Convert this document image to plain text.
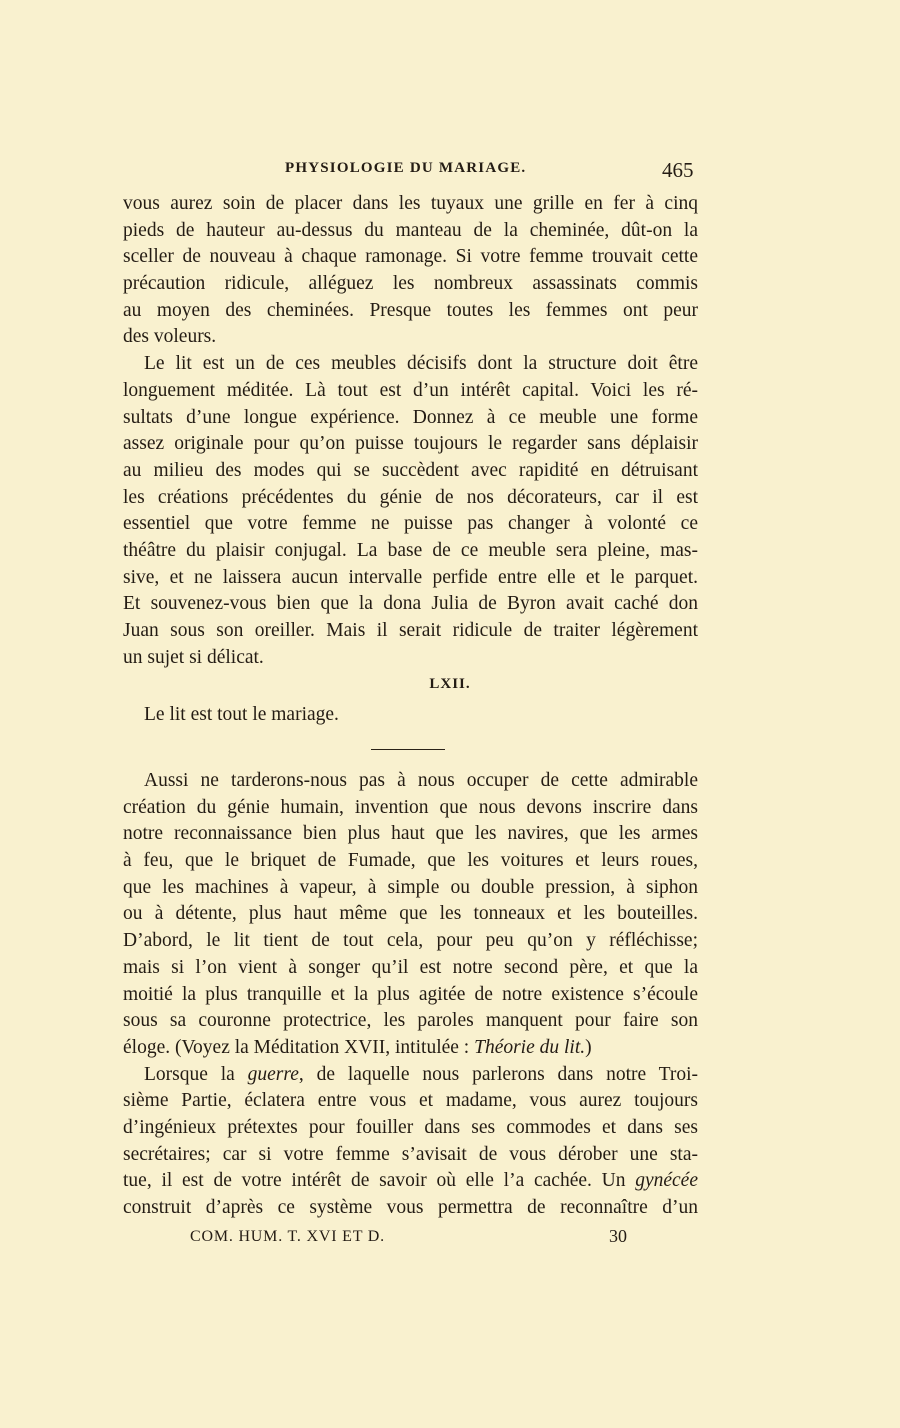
PHYSIOLOGIE DU MARIAGE.	465
vous aurez soin de placer dans les tuyaux une grille en fer à cinq
pieds de hauteur au-dessus du manteau de la cheminée, dût-on la
sceller de nouveau à chaque ramonage. Si votre femme trouvait cette
précaution ridicule, alléguez les nombreux assassinats commis
au moyen des cheminées. Presque toutes les femmes ont peur
des voleurs.
Le lit est un de ces meubles décisifs dont la structure doit être
longuement méditée. Là tout est d’un intérêt capital. Voici les ré-
sultats d’une longue expérience. Donnez à ce meuble une forme
assez originale pour qu’on puisse toujours le regarder sans déplaisir
au milieu des modes qui se succèdent avec rapidité en détruisant
les créations précédentes du génie de nos décorateurs, car il est
essentiel que votre femme ne puisse pas changer à volonté ce
théâtre du plaisir conjugal. La base de ce meuble sera pleine, mas-
sive, et ne laissera aucun intervalle perfide entre elle et le parquet.
Et souvenez-vous bien que la dona Julia de Byron avait caché don
Juan sous son oreiller. Mais il serait ridicule de traiter légèrement
un sujet si délicat.
LXII.
Le lit est tout le mariage.
Aussi ne tarderons-nous pas à nous occuper de cette admirable
création du génie humain, invention que nous devons inscrire dans
notre reconnaissance bien plus haut que les navires, que les armes
à feu, que le briquet de Fumade, que les voitures et leurs roues,
que les machines à vapeur, à simple ou double pression, à siphon
ou à détente, plus haut même que les tonneaux et les bouteilles.
D’abord, le lit tient de tout cela, pour peu qu’on y réfléchisse;
mais si l’on vient à songer qu’il est notre second père, et que la
moitié la plus tranquille et la plus agitée de notre existence s’écoule
sous sa couronne protectrice, les paroles manquent pour faire son
éloge. (Voyez la Méditation XVII, intitulée : Théorie du lit.)
Lorsque la guerre, de laquelle nous parlerons dans notre Troi-
sième Partie, éclatera entre vous et madame, vous aurez toujours
d’ingénieux prétextes pour fouiller dans ses commodes et dans ses
secrétaires; car si votre femme s’avisait de vous dérober une sta-
tue, il est de votre intérêt de savoir où elle l’a cachée. Un gynécée
construit d’après ce système vous permettra de reconnaître d’un
COM. HUM. T. XVI ET D.	30
